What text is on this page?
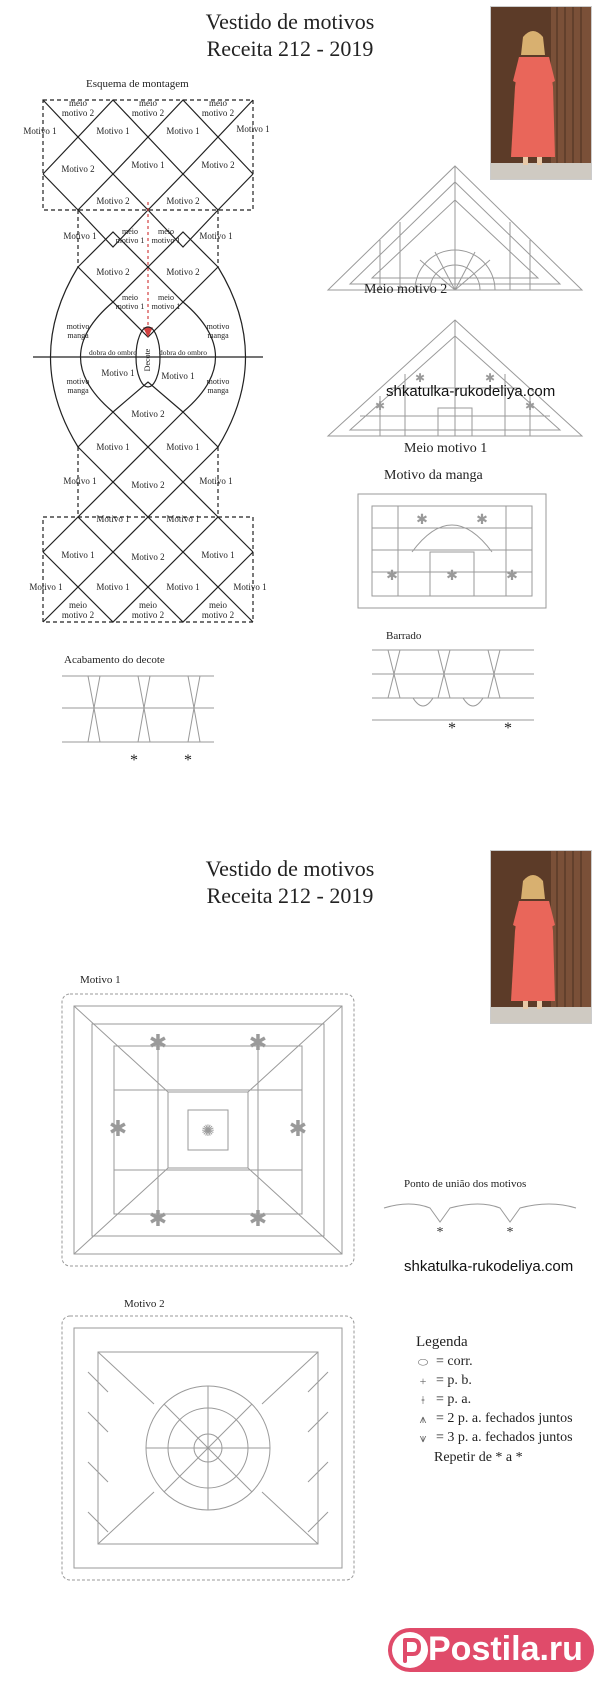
Vestido de motivos
Receita 212 - 2019
Esquema de montagem
meio
motivo 2
meio
motivo 2
meio
motivo 2
Motivo 1	Motivo 1	Motivo 1	Motivo 1
Motivo 2	Motivo 1	Motivo 2
Motivo 2	Motivo 2
Motivo 1	meio
motivo 1
meio
motivo 1 Motivo 1
Motivo 2	Motivo 2
meio
motivo 1
meio
motivo 1
motivo
manga
motivo
manga
dobra do ombro	dobra do ombro
Decote
Motivo 1	Motivo 1
motivo
manga
motivo
manga
Motivo 2
Motivo 1	Motivo 1
Motivo 1	Motivo 2	Motivo 1
Motivo 1	Motivo 1
Motivo 1	Motivo 2	Motivo 1
Motivo 1	Motivo 1	Motivo 1	Motivo 1
meio
motivo 2
meio
motivo 2
meio
motivo 2
Meio motivo 2
✱	✱
✱	✱
shkatulka-rukodeliya.com
Meio motivo 1
Motivo da manga
✱	✱
✱	✱
✱
Barrado
*	*
Acabamento do decote
*	*
Vestido de motivos
Receita 212 - 2019
Motivo 1
✱	✱
✱	✱
✱	✱
✺
Ponto de união dos motivos
*	*
shkatulka-rukodeliya.com
Motivo 2
Legenda
⬭ = corr.
+ = p. b.
ǂ = p. a.
⩚ = 2 p. a. fechados juntos
⩛ = 3 p. a. fechados juntos
Repetir de * a *
Postila.ru
